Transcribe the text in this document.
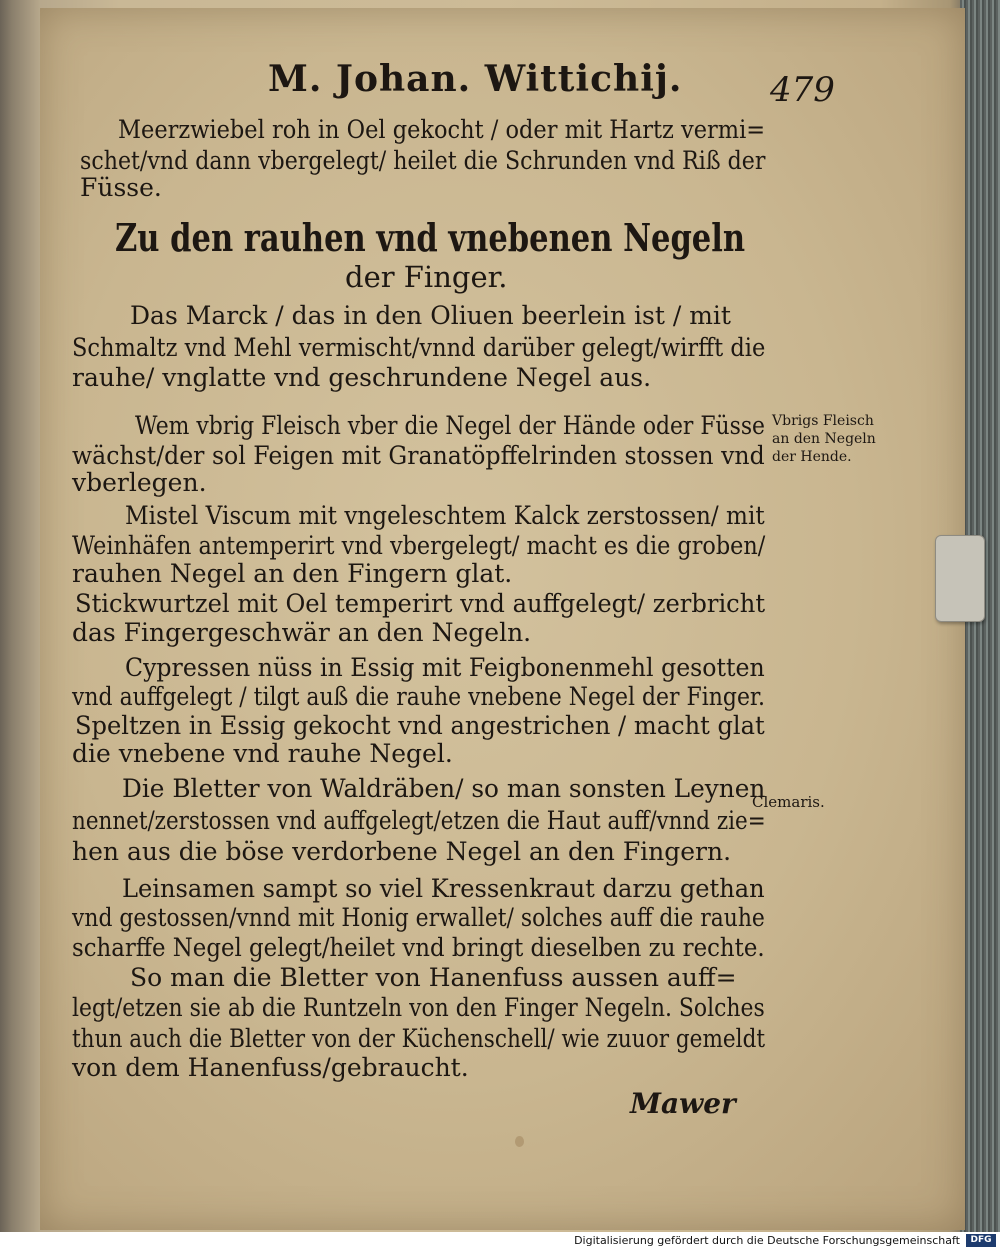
M. Johan. Wittichij.	479
Meerzwiebel roh in Oel gekocht / oder mit Hartz vermi=
schet/vnd dann vbergelegt/ heilet die Schrunden vnd Riß der
Füsse.
Zu den rauhen vnd vnebenen Negeln
der Finger.
Das Marck / das in den Oliuen beerlein ist / mit
Schmaltz vnd Mehl vermischt/vnnd darüber gelegt/wirfft die
rauhe/ vnglatte vnd geschrundene Negel aus.
Wem vbrig Fleisch vber die Negel der Hände oder Füsse
wächst/der sol Feigen mit Granatöpffelrinden stossen vnd
vberlegen.
Mistel Viscum mit vngeleschtem Kalck zerstossen/ mit
Weinhäfen antemperirt vnd vbergelegt/ macht es die groben/
rauhen Negel an den Fingern glat.
Stickwurtzel mit Oel temperirt vnd auffgelegt/ zerbricht
das Fingergeschwär an den Negeln.
Cypressen nüss in Essig mit Feigbonenmehl gesotten
vnd auffgelegt / tilgt auß die rauhe vnebene Negel der Finger.
Speltzen in Essig gekocht vnd angestrichen / macht glat
die vnebene vnd rauhe Negel.
Die Bletter von Waldräben/ so man sonsten Leynen
nennet/zerstossen vnd auffgelegt/etzen die Haut auff/vnnd zie=
hen aus die böse verdorbene Negel an den Fingern.
Leinsamen sampt so viel Kressenkraut darzu gethan
vnd gestossen/vnnd mit Honig erwallet/ solches auff die rauhe
scharffe Negel gelegt/heilet vnd bringt dieselben zu rechte.
So man die Bletter von Hanenfuss aussen auff=
legt/etzen sie ab die Runtzeln von den Finger Negeln. Solches
thun auch die Bletter von der Küchenschell/ wie zuuor gemeldt
von dem Hanenfuss/gebraucht.
Vbrigs Fleisch
an den Negeln
der Hende.
Clemaris.
Mawer
Digitalisierung gefördert durch die Deutsche Forschungsgemeinschaft	DFG
